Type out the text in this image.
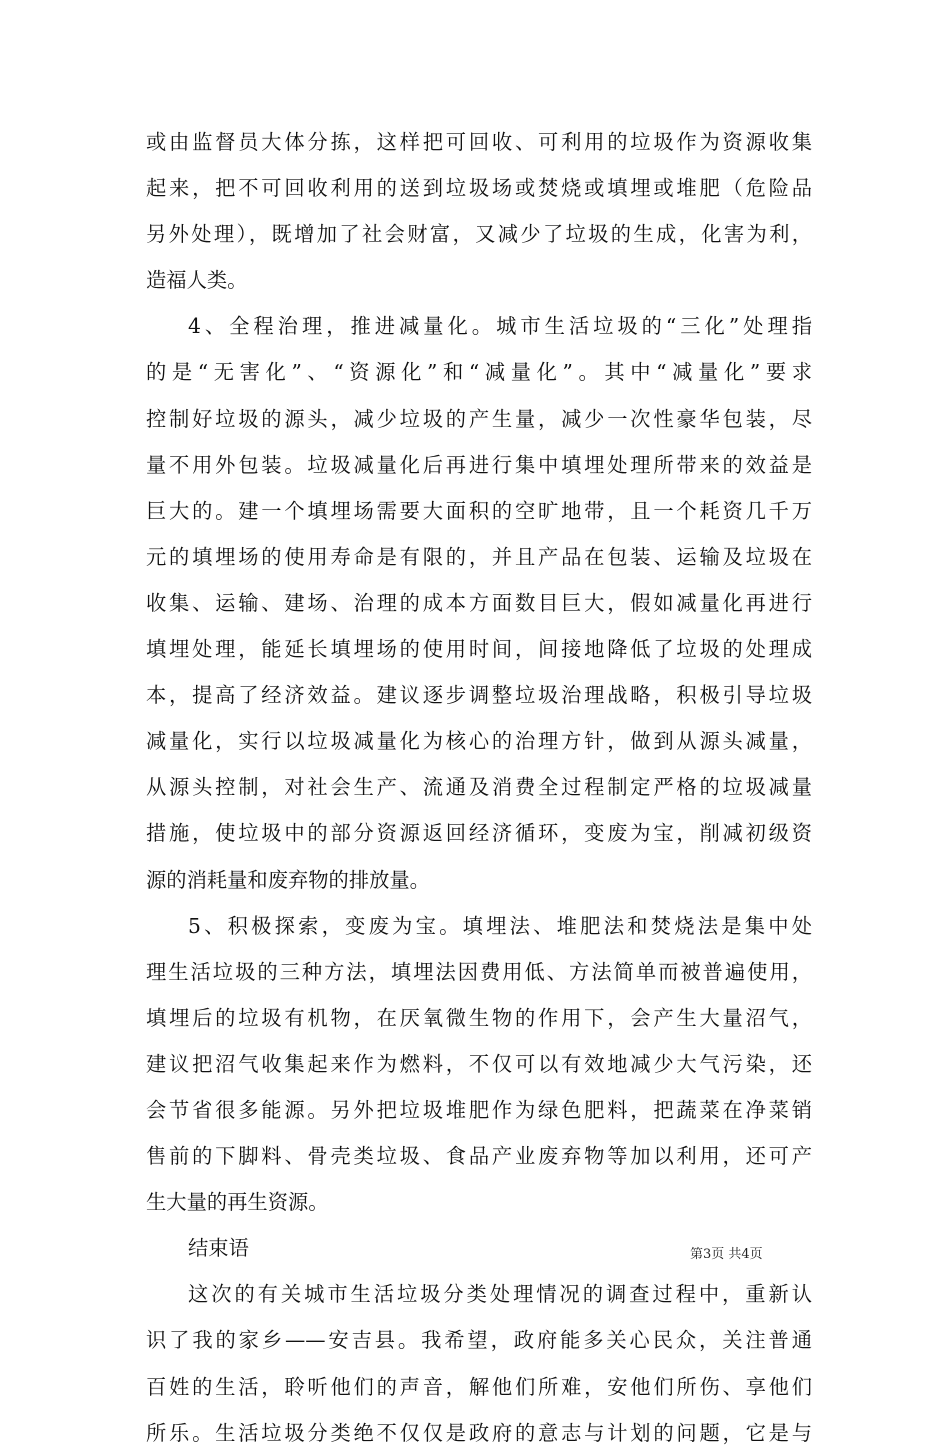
或由监督员大体分拣，这样把可回收、可利用的垃圾作为资源收集
起来，把不可回收利用的送到垃圾场或焚烧或填埋或堆肥（危险品
另外处理），既增加了社会财富，又减少了垃圾的生成，化害为利，
造福人类。
4、全程治理，推进减量化。城市生活垃圾的“三化”处理指
的是“无害化”、“资源化”和“减量化”。其中“减量化”要求
控制好垃圾的源头，减少垃圾的产生量，减少一次性豪华包装，尽
量不用外包装。垃圾减量化后再进行集中填埋处理所带来的效益是
巨大的。建一个填埋场需要大面积的空旷地带，且一个耗资几千万
元的填埋场的使用寿命是有限的，并且产品在包装、运输及垃圾在
收集、运输、建场、治理的成本方面数目巨大，假如减量化再进行
填埋处理，能延长填埋场的使用时间，间接地降低了垃圾的处理成
本，提高了经济效益。建议逐步调整垃圾治理战略，积极引导垃圾
减量化，实行以垃圾减量化为核心的治理方针，做到从源头减量，
从源头控制，对社会生产、流通及消费全过程制定严格的垃圾减量
措施，使垃圾中的部分资源返回经济循环，变废为宝，削减初级资
源的消耗量和废弃物的排放量。
5、积极探索，变废为宝。填埋法、堆肥法和焚烧法是集中处
理生活垃圾的三种方法，填埋法因费用低、方法简单而被普遍使用，
填埋后的垃圾有机物，在厌氧微生物的作用下，会产生大量沼气，
建议把沼气收集起来作为燃料，不仅可以有效地减少大气污染，还
会节省很多能源。另外把垃圾堆肥作为绿色肥料，把蔬菜在净菜销
售前的下脚料、骨壳类垃圾、食品产业废弃物等加以利用，还可产
生大量的再生资源。
结束语
这次的有关城市生活垃圾分类处理情况的调查过程中，重新认
识了我的家乡——安吉县。我希望，政府能多关心民众，关注普通
百姓的生活，聆听他们的声音，解他们所难，安他们所伤、享他们
所乐。生活垃圾分类绝不仅仅是政府的意志与计划的问题，它是与
第3页 共4页
